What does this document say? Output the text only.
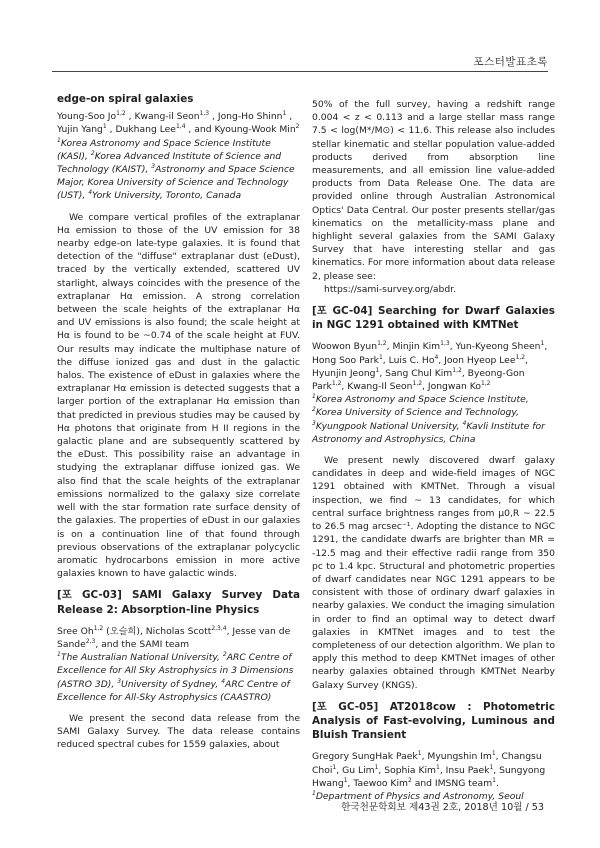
포스터발표초록

edge-on spiral galaxies

Young-Soo Jo$^{1,2}$ , Kwang-il Seon$^{1,3}$ , Jong-Ho Shinn$^1$ , Yujin Yang$^1$ , Dukhang Lee$^{1,4}$ , and Kyoung-Wook Min$^2$

$^1$Korea Astronomy and Space Science Institute (KASI), $^2$Korea Advanced Institute of Science and Technology (KAIST), $^3$Astronomy and Space Science Major, Korea University of Science and Technology (UST), $^4$York University, Toronto, Canada

We compare vertical profiles of the extraplanar Hα emission to those of the UV emission for 38 nearby edge-on late-type galaxies. It is found that detection of the "diffuse" extraplanar dust (eDust), traced by the vertically extended, scattered UV starlight, always coincides with the presence of the extraplanar Hα emission. A strong correlation between the scale heights of the extraplanar Hα and UV emissions is also found; the scale height at Hα is found to be ~0.74 of the scale height at FUV. Our results may indicate the multiphase nature of the diffuse ionized gas and dust in the galactic halos. The existence of eDust in galaxies where the extraplanar Hα emission is detected suggests that a larger portion of the extraplanar Hα emission than that predicted in previous studies may be caused by Hα photons that originate from H II regions in the galactic plane and are subsequently scattered by the eDust. This possibility raise an advantage in studying the extraplanar diffuse ionized gas. We also find that the scale heights of the extraplanar emissions normalized to the galaxy size correlate well with the star formation rate surface density of the galaxies. The properties of eDust in our galaxies is on a continuation line of that found through previous observations of the extraplanar polycyclic aromatic hydrocarbons emission in more active galaxies known to have galactic winds.

[포 GC-03] SAMI Galaxy Survey Data Release 2: Absorption-line Physics

Sree Oh$^{1,2}$ (오슬희), Nicholas Scott$^{2,3,4}$, Jesse van de Sande$^{2,3}$, and the SAMI team

$^1$The Australian National University, $^2$ARC Centre of Excellence for All Sky Astrophysics in 3 Dimensions (ASTRO 3D), $^3$University of Sydney, $^4$ARC Centre of Excellence for All-Sky Astrophysics (CAASTRO)

We present the second data release from the SAMI Galaxy Survey. The data release contains reduced spectral cubes for 1559 galaxies, about

50% of the full survey, having a redshift range 0.004 < z < 0.113 and a large stellar mass range 7.5 < log(M*/M⊙) < 11.6. This release also includes stellar kinematic and stellar population value-added products derived from absorption line measurements, and all emission line value-added products from Data Release One. The data are provided online through Australian Astronomical Optics' Data Central. Our poster presents stellar/gas kinematics on the metallicity-mass plane and highlight several galaxies from the SAMI Galaxy Survey that have interesting stellar and gas kinematics. For more information about data release 2, please see:

https://sami-survey.org/abdr.

[포 GC-04] Searching for Dwarf Galaxies in NGC 1291 obtained with KMTNet

Woowon Byun$^{1,2}$, Minjin Kim$^{1,3}$, Yun-Kyeong Sheen$^1$, Hong Soo Park$^1$, Luis C. Ho$^4$, Joon Hyeop Lee$^{1,2}$, Hyunjin Jeong$^1$, Sang Chul Kim$^{1,2}$, Byeong-Gon Park$^{1,2}$, Kwang-Il Seon$^{1,2}$, Jongwan Ko$^{1,2}$

$^1$Korea Astronomy and Space Science Institute, $^2$Korea University of Science and Technology, $^3$Kyungpook National University, $^4$Kavli Institute for Astronomy and Astrophysics, China

We present newly discovered dwarf galaxy candidates in deep and wide-field images of NGC 1291 obtained with KMTNet. Through a visual inspection, we find ~ 13 candidates, for which central surface brightness ranges from μ0,R ~ 22.5 to 26.5 mag arcsec⁻¹. Adopting the distance to NGC 1291, the candidate dwarfs are brighter than MR = -12.5 mag and their effective radii range from 350 pc to 1.4 kpc. Structural and photometric properties of dwarf candidates near NGC 1291 appears to be consistent with those of ordinary dwarf galaxies in nearby galaxies. We conduct the imaging simulation in order to find an optimal way to detect dwarf galaxies in KMTNet images and to test the completeness of our detection algorithm. We plan to apply this method to deep KMTNet images of other nearby galaxies obtained through KMTNet Nearby Galaxy Survey (KNGS).

[포 GC-05] AT2018cow : Photometric Analysis of Fast-evolving, Luminous and Bluish Transient

Gregory SungHak Paek$^1$, Myungshin Im$^1$, Changsu Choi$^1$, Gu Lim$^1$, Sophia Kim$^1$, Insu Paek$^1$, Sungyong Hwang$^1$, Taewoo Kim$^2$ and IMSNG team$^1$.

$^1$Department of Physics and Astronomy, Seoul

한국천문학회보 제43권 2호, 2018년 10월 / 53
